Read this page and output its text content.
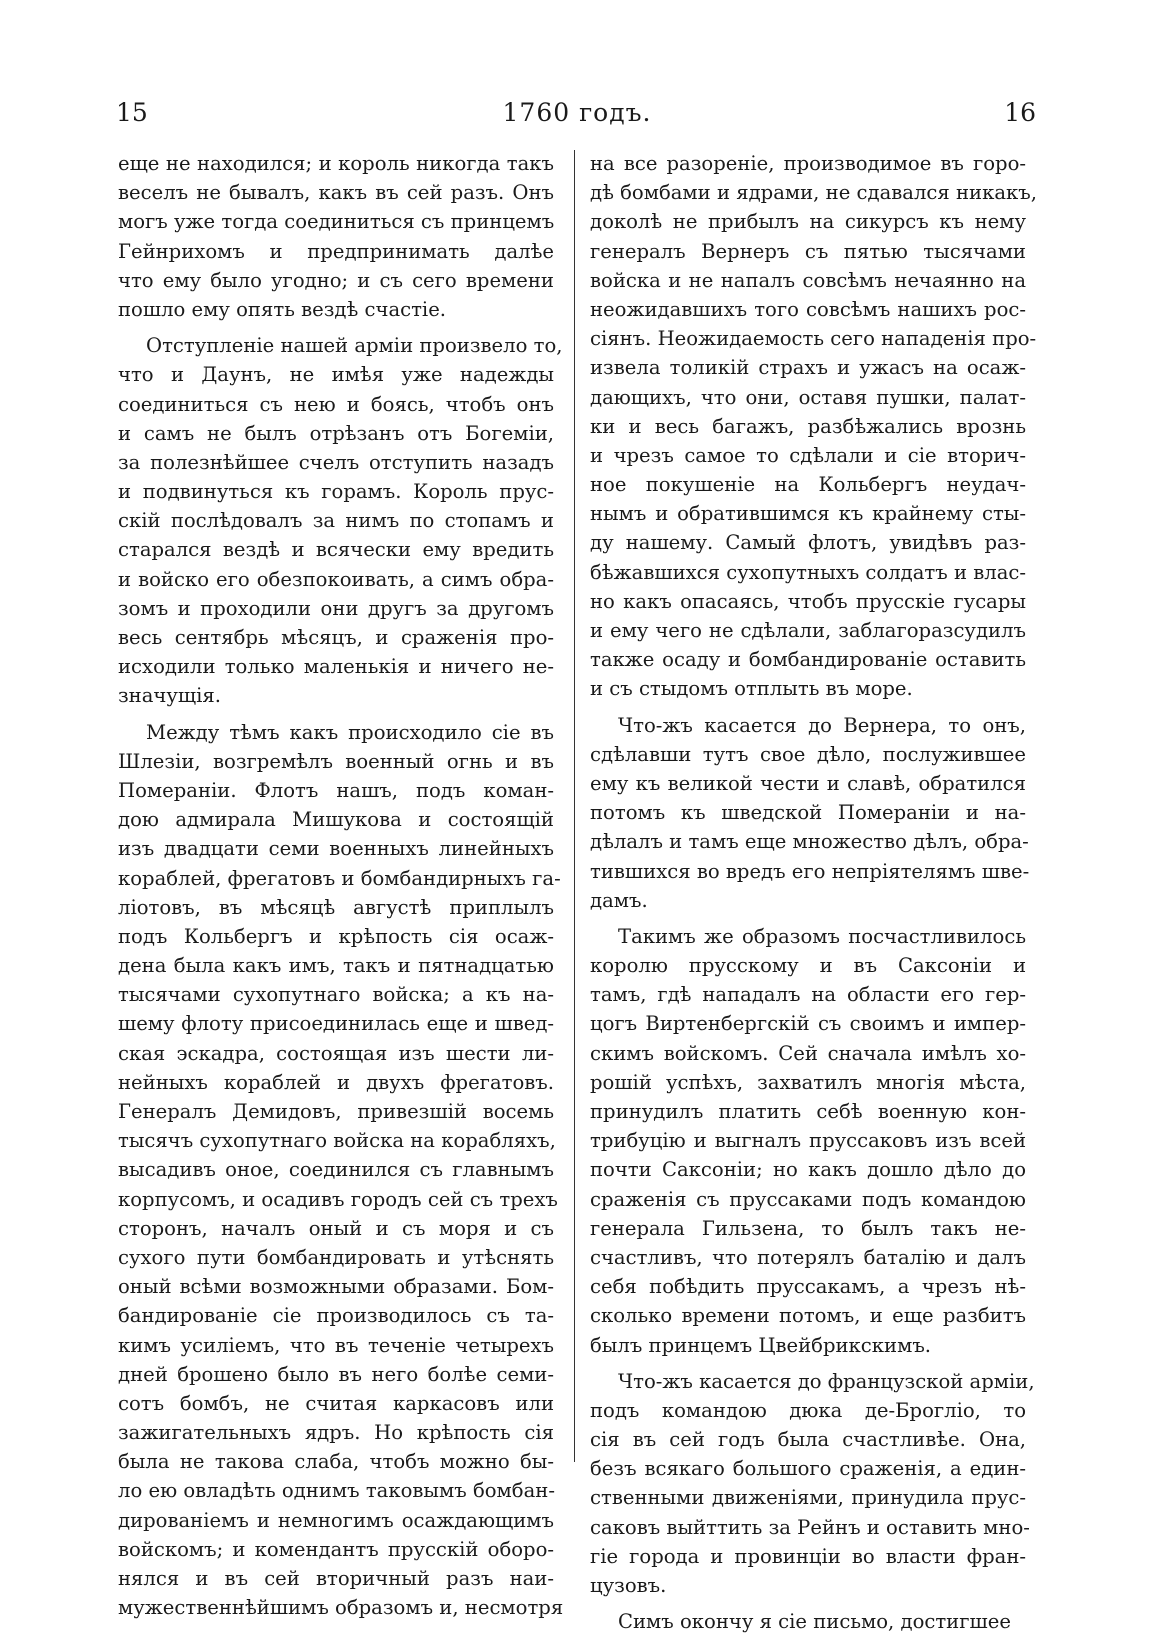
15	1760 годъ.	16
еще не находился; и король никогда такъ
веселъ не бывалъ, какъ въ сей разъ. Онъ
могъ уже тогда соединиться съ принцемъ
Гейнрихомъ и предпринимать далѣе
что ему было угодно; и съ сего времени
пошло ему опять вездѣ счастіе.
Отступленіе нашей арміи произвело то,
что и Даунъ, не имѣя уже надежды
соединиться съ нею и боясь, чтобъ онъ
и самъ не былъ отрѣзанъ отъ Богеміи,
за полезнѣйшее счелъ отступить назадъ
и подвинуться къ горамъ. Король прус-
скій послѣдовалъ за нимъ по стопамъ и
старался вездѣ и всячески ему вредить
и войско его обезпокоивать, а симъ обра-
зомъ и проходили они другъ за другомъ
весь сентябрь мѣсяцъ, и сраженія про-
исходили только маленькія и ничего не-
значущія.
Между тѣмъ какъ происходило сіе въ
Шлезіи, возгремѣлъ военный огнь и въ
Помераніи. Флотъ нашъ, подъ коман-
дою адмирала Мишукова и состоящій
изъ двадцати семи военныхъ линейныхъ
кораблей, фрегатовъ и бомбандирныхъ га-
ліотовъ, въ мѣсяцѣ августѣ приплылъ
подъ Кольбергъ и крѣпость сія осаж-
дена была какъ имъ, такъ и пятнадцатью
тысячами сухопутнаго войска; а къ на-
шему флоту присоединилась еще и швед-
ская эскадра, состоящая изъ шести ли-
нейныхъ кораблей и двухъ фрегатовъ.
Генералъ Демидовъ, привезшій восемь
тысячъ сухопутнаго войска на корабляхъ,
высадивъ оное, соединился съ главнымъ
корпусомъ, и осадивъ городъ сей съ трехъ
сторонъ, началъ оный и съ моря и съ
сухого пути бомбандировать и утѣснять
оный всѣми возможными образами. Бом-
бандированіе сіе производилось съ та-
кимъ усиліемъ, что въ теченіе четырехъ
дней брошено было въ него болѣе семи-
сотъ бомбъ, не считая каркасовъ или
зажигательныхъ ядръ. Но крѣпость сія
была не такова слаба, чтобъ можно бы-
ло ею овладѣть однимъ таковымъ бомбан-
дированіемъ и немногимъ осаждающимъ
войскомъ; и комендантъ прусскій оборо-
нялся и въ сей вторичный разъ наи-
мужественнѣйшимъ образомъ и, несмотря
на все разореніе, производимое въ горо-
дѣ бомбами и ядрами, не сдавался никакъ,
доколѣ не прибылъ на сикурсъ къ нему
генералъ Вернеръ съ пятью тысячами
войска и не напалъ совсѣмъ нечаянно на
неожидавшихъ того совсѣмъ нашихъ рос-
сіянъ. Неожидаемость сего нападенія про-
извела толикій страхъ и ужасъ на осаж-
дающихъ, что они, оставя пушки, палат-
ки и весь багажъ, разбѣжались врознь
и чрезъ самое то сдѣлали и сіе вторич-
ное покушеніе на Кольбергъ неудач-
нымъ и обратившимся къ крайнему сты-
ду нашему. Самый флотъ, увидѣвъ раз-
бѣжавшихся сухопутныхъ солдатъ и влас-
но какъ опасаясь, чтобъ прусскіе гусары
и ему чего не сдѣлали, заблагоразсудилъ
также осаду и бомбандированіе оставить
и съ стыдомъ отплыть въ море.
Что-жъ касается до Вернера, то онъ,
сдѣлавши тутъ свое дѣло, послужившее
ему къ великой чести и славѣ, обратился
потомъ къ шведской Помераніи и на-
дѣлалъ и тамъ еще множество дѣлъ, обра-
тившихся во вредъ его непріятелямъ шве-
дамъ.
Такимъ же образомъ посчастливилось
королю прусскому и въ Саксоніи и
тамъ, гдѣ нападалъ на области его гер-
цогъ Виртенбергскій съ своимъ и импер-
скимъ войскомъ. Сей сначала имѣлъ хо-
рошій успѣхъ, захватилъ многія мѣста,
принудилъ платить себѣ военную кон-
трибуцію и выгналъ пруссаковъ изъ всей
почти Саксоніи; но какъ дошло дѣло до
сраженія съ пруссаками подъ командою
генерала Гильзена, то былъ такъ не-
счастливъ, что потерялъ баталію и далъ
себя побѣдить пруссакамъ, а чрезъ нѣ-
сколько времени потомъ, и еще разбитъ
былъ принцемъ Цвейбрикскимъ.
Что-жъ касается до французской арміи,
подъ командою дюка де-Брогліо, то
сія въ сей годъ была счастливѣе. Она,
безъ всякаго большого сраженія, а един-
ственными движеніями, принудила прус-
саковъ выйттить за Рейнъ и оставить мно-
гіе города и провинціи во власти фран-
цузовъ.
Симъ окончу я сіе письмо, достигшее
